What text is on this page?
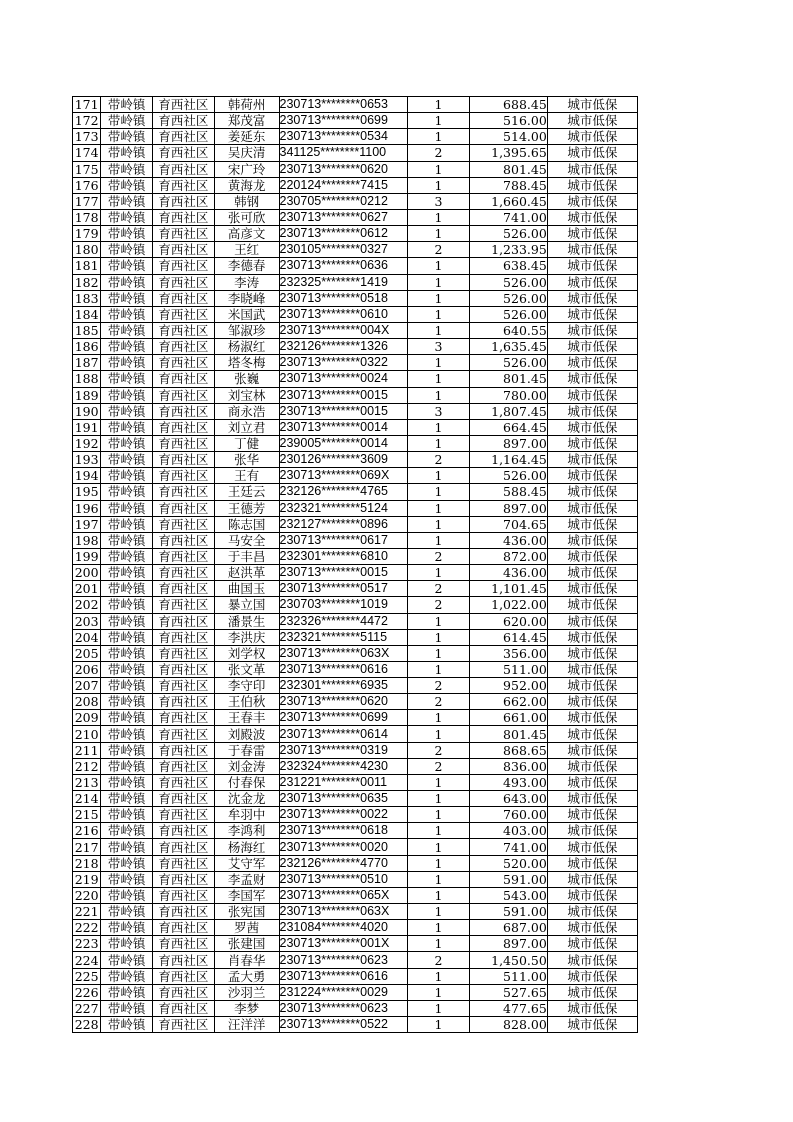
171	带岭镇	育西社区	韩荷州	230713********0653	1	688.45	城市低保
172	带岭镇	育西社区	郑茂富	230713********0699	1	516.00	城市低保
173	带岭镇	育西社区	姜延东	230713********0534	1	514.00	城市低保
174	带岭镇	育西社区	吴庆清	341125********1100	2	1,395.65	城市低保
175	带岭镇	育西社区	宋广玲	230713********0620	1	801.45	城市低保
176	带岭镇	育西社区	黄海龙	220124********7415	1	788.45	城市低保
177	带岭镇	育西社区	韩钢	230705********0212	3	1,660.45	城市低保
178	带岭镇	育西社区	张可欣	230713********0627	1	741.00	城市低保
179	带岭镇	育西社区	高彦文	230713********0612	1	526.00	城市低保
180	带岭镇	育西社区	王红	230105********0327	2	1,233.95	城市低保
181	带岭镇	育西社区	李德春	230713********0636	1	638.45	城市低保
182	带岭镇	育西社区	李涛	232325********1419	1	526.00	城市低保
183	带岭镇	育西社区	李晓峰	230713********0518	1	526.00	城市低保
184	带岭镇	育西社区	米国武	230713********0610	1	526.00	城市低保
185	带岭镇	育西社区	邹淑珍	230713********004X	1	640.55	城市低保
186	带岭镇	育西社区	杨淑红	232126********1326	3	1,635.45	城市低保
187	带岭镇	育西社区	塔冬梅	230713********0322	1	526.00	城市低保
188	带岭镇	育西社区	张巍	230713********0024	1	801.45	城市低保
189	带岭镇	育西社区	刘宝林	230713********0015	1	780.00	城市低保
190	带岭镇	育西社区	商永浩	230713********0015	3	1,807.45	城市低保
191	带岭镇	育西社区	刘立君	230713********0014	1	664.45	城市低保
192	带岭镇	育西社区	丁健	239005********0014	1	897.00	城市低保
193	带岭镇	育西社区	张华	230126********3609	2	1,164.45	城市低保
194	带岭镇	育西社区	王有	230713********069X	1	526.00	城市低保
195	带岭镇	育西社区	王廷云	232126********4765	1	588.45	城市低保
196	带岭镇	育西社区	王德芳	232321********5124	1	897.00	城市低保
197	带岭镇	育西社区	陈志国	232127********0896	1	704.65	城市低保
198	带岭镇	育西社区	马安全	230713********0617	1	436.00	城市低保
199	带岭镇	育西社区	于丰昌	232301********6810	2	872.00	城市低保
200	带岭镇	育西社区	赵洪革	230713********0015	1	436.00	城市低保
201	带岭镇	育西社区	曲国玉	230713********0517	2	1,101.45	城市低保
202	带岭镇	育西社区	暴立国	230703********1019	2	1,022.00	城市低保
203	带岭镇	育西社区	潘景生	232326********4472	1	620.00	城市低保
204	带岭镇	育西社区	李洪庆	232321********5115	1	614.45	城市低保
205	带岭镇	育西社区	刘学权	230713********063X	1	356.00	城市低保
206	带岭镇	育西社区	张文革	230713********0616	1	511.00	城市低保
207	带岭镇	育西社区	李守印	232301********6935	2	952.00	城市低保
208	带岭镇	育西社区	王伯秋	230713********0620	2	662.00	城市低保
209	带岭镇	育西社区	王春丰	230713********0699	1	661.00	城市低保
210	带岭镇	育西社区	刘殿波	230713********0614	1	801.45	城市低保
211	带岭镇	育西社区	于春雷	230713********0319	2	868.65	城市低保
212	带岭镇	育西社区	刘金涛	232324********4230	2	836.00	城市低保
213	带岭镇	育西社区	付春保	231221********0011	1	493.00	城市低保
214	带岭镇	育西社区	沈金龙	230713********0635	1	643.00	城市低保
215	带岭镇	育西社区	牟羽中	230713********0022	1	760.00	城市低保
216	带岭镇	育西社区	李鸿利	230713********0618	1	403.00	城市低保
217	带岭镇	育西社区	杨海红	230713********0020	1	741.00	城市低保
218	带岭镇	育西社区	艾守军	232126********4770	1	520.00	城市低保
219	带岭镇	育西社区	李孟财	230713********0510	1	591.00	城市低保
220	带岭镇	育西社区	李国军	230713********065X	1	543.00	城市低保
221	带岭镇	育西社区	张宪国	230713********063X	1	591.00	城市低保
222	带岭镇	育西社区	罗茜	231084********4020	1	687.00	城市低保
223	带岭镇	育西社区	张建国	230713********001X	1	897.00	城市低保
224	带岭镇	育西社区	肖春华	230713********0623	2	1,450.50	城市低保
225	带岭镇	育西社区	孟大勇	230713********0616	1	511.00	城市低保
226	带岭镇	育西社区	沙羽兰	231224********0029	1	527.65	城市低保
227	带岭镇	育西社区	李梦	230713********0623	1	477.65	城市低保
228	带岭镇	育西社区	汪洋洋	230713********0522	1	828.00	城市低保
